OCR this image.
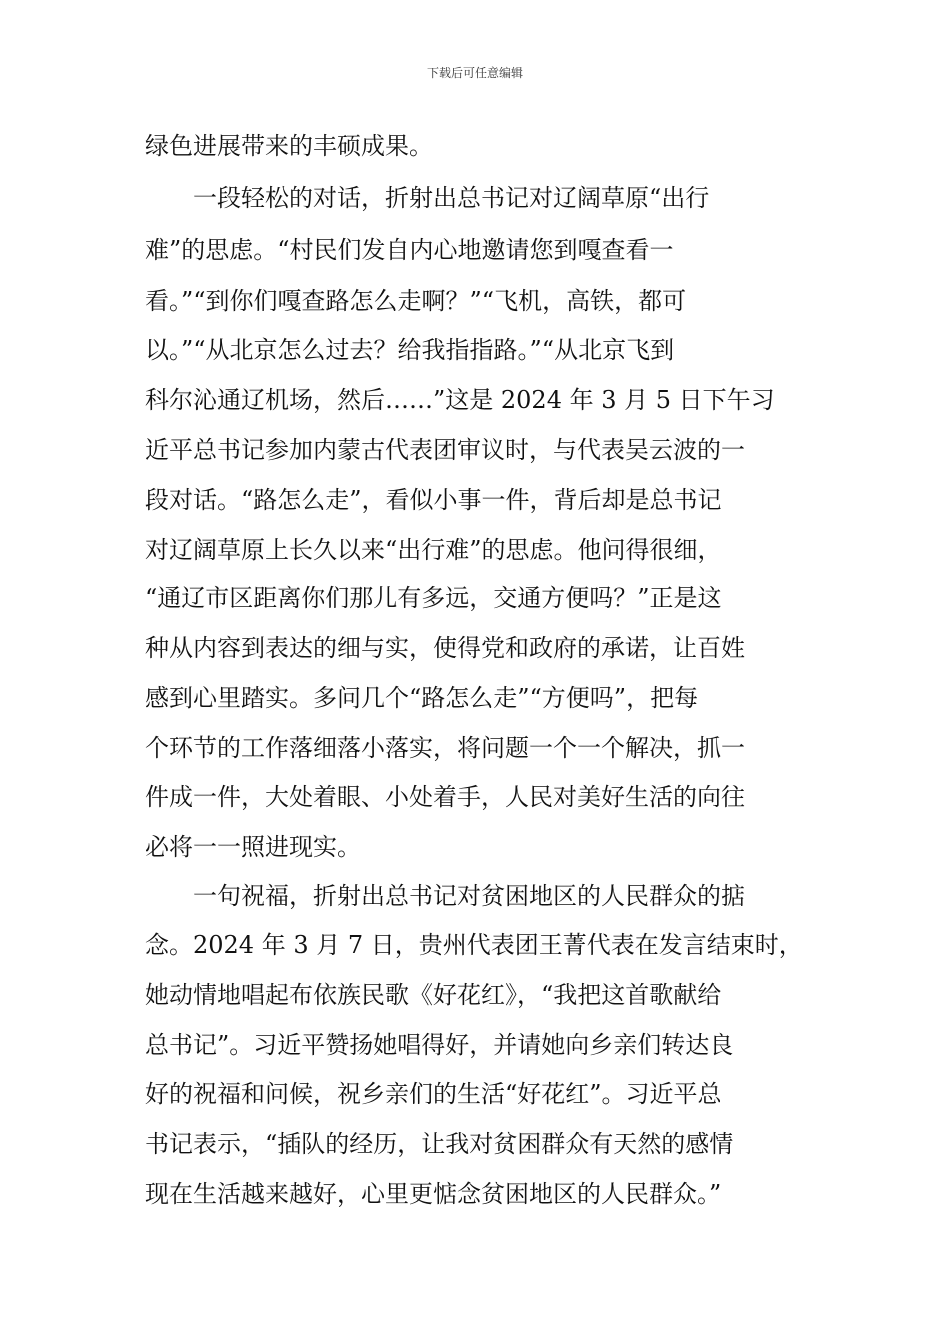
下载后可任意编辑
绿色进展带来的丰硕成果。
　　一段轻松的对话，折射出总书记对辽阔草原“出行
难”的思虑。“村民们发自内心地邀请您到嘎查看一
看。”“到你们嘎查路怎么走啊？”“飞机，高铁，都可
以。”“从北京怎么过去？给我指指路。”“从北京飞到
科尔沁通辽机场，然后……”这是 2024 年 3 月 5 日下午习
近平总书记参加内蒙古代表团审议时，与代表吴云波的一
段对话。“路怎么走”，看似小事一件，背后却是总书记
对辽阔草原上长久以来“出行难”的思虑。他问得很细，
“通辽市区距离你们那儿有多远，交通方便吗？”正是这
种从内容到表达的细与实，使得党和政府的承诺，让百姓
感到心里踏实。多问几个“路怎么走”“方便吗”，把每
个环节的工作落细落小落实，将问题一个一个解决，抓一
件成一件，大处着眼、小处着手，人民对美好生活的向往
必将一一照进现实。
　　一句祝福，折射出总书记对贫困地区的人民群众的掂
念。2024 年 3 月 7 日，贵州代表团王菁代表在发言结束时，
她动情地唱起布依族民歌《好花红》，“我把这首歌献给
总书记”。习近平赞扬她唱得好，并请她向乡亲们转达良
好的祝福和问候，祝乡亲们的生活“好花红”。习近平总
书记表示，“插队的经历，让我对贫困群众有天然的感情
现在生活越来越好，心里更惦念贫困地区的人民群众。”
